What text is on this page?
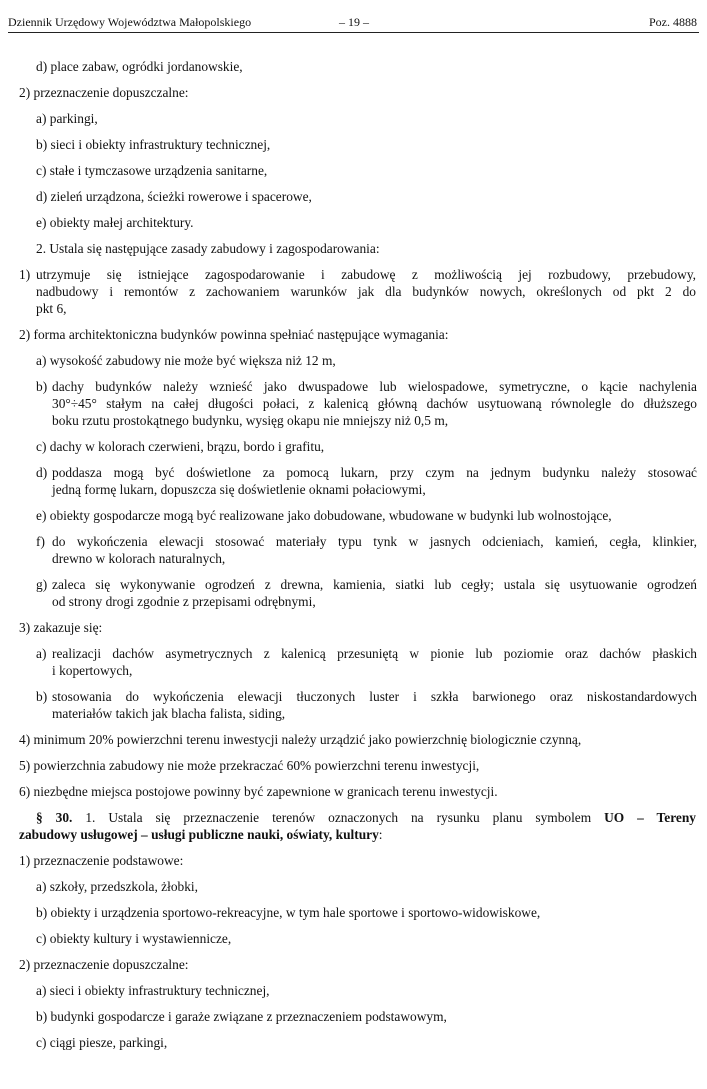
Dziennik Urzędowy Województwa Małopolskiego	– 19 –	Poz. 4888
d) place zabaw, ogródki jordanowskie,
2) przeznaczenie dopuszczalne:
a) parkingi,
b) sieci i obiekty infrastruktury technicznej,
c) stałe i tymczasowe urządzenia sanitarne,
d) zieleń urządzona, ścieżki rowerowe i spacerowe,
e) obiekty małej architektury.
2. Ustala się następujące zasady zabudowy i zagospodarowania:
1) utrzymuje się istniejące zagospodarowanie i zabudowę z możliwością jej rozbudowy, przebudowy,
nadbudowy i remontów z zachowaniem warunków jak dla budynków nowych, określonych od pkt 2 do
pkt 6,
2) forma architektoniczna budynków powinna spełniać następujące wymagania:
a) wysokość zabudowy nie może być większa niż 12 m,
b) dachy budynków należy wznieść jako dwuspadowe lub wielospadowe, symetryczne, o kącie nachylenia
30°÷45° stałym na całej długości połaci, z kalenicą główną dachów usytuowaną równolegle do dłuższego
boku rzutu prostokątnego budynku, wysięg okapu nie mniejszy niż 0,5 m,
c) dachy w kolorach czerwieni, brązu, bordo i grafitu,
d) poddasza mogą być doświetlone za pomocą lukarn, przy czym na jednym budynku należy stosować
jedną formę lukarn, dopuszcza się doświetlenie oknami połaciowymi,
e) obiekty gospodarcze mogą być realizowane jako dobudowane, wbudowane w budynki lub wolnostojące,
f) do wykończenia elewacji stosować materiały typu tynk w jasnych odcieniach, kamień, cegła, klinkier,
drewno w kolorach naturalnych,
g) zaleca się wykonywanie ogrodzeń z drewna, kamienia, siatki lub cegły; ustala się usytuowanie ogrodzeń
od strony drogi zgodnie z przepisami odrębnymi,
3) zakazuje się:
a) realizacji dachów asymetrycznych z kalenicą przesuniętą w pionie lub poziomie oraz dachów płaskich
i kopertowych,
b) stosowania do wykończenia elewacji tłuczonych luster i szkła barwionego oraz niskostandardowych
materiałów takich jak blacha falista, siding,
4) minimum 20% powierzchni terenu inwestycji należy urządzić jako powierzchnię biologicznie czynną,
5) powierzchnia zabudowy nie może przekraczać 60% powierzchni terenu inwestycji,
6) niezbędne miejsca postojowe powinny być zapewnione w granicach terenu inwestycji.
§ 30. 1. Ustala się przeznaczenie terenów oznaczonych na rysunku planu symbolem UO – Tereny
zabudowy usługowej – usługi publiczne nauki, oświaty, kultury:
1) przeznaczenie podstawowe:
a) szkoły, przedszkola, żłobki,
b) obiekty i urządzenia sportowo-rekreacyjne, w tym hale sportowe i sportowo-widowiskowe,
c) obiekty kultury i wystawiennicze,
2) przeznaczenie dopuszczalne:
a) sieci i obiekty infrastruktury technicznej,
b) budynki gospodarcze i garaże związane z przeznaczeniem podstawowym,
c) ciągi piesze, parkingi,
